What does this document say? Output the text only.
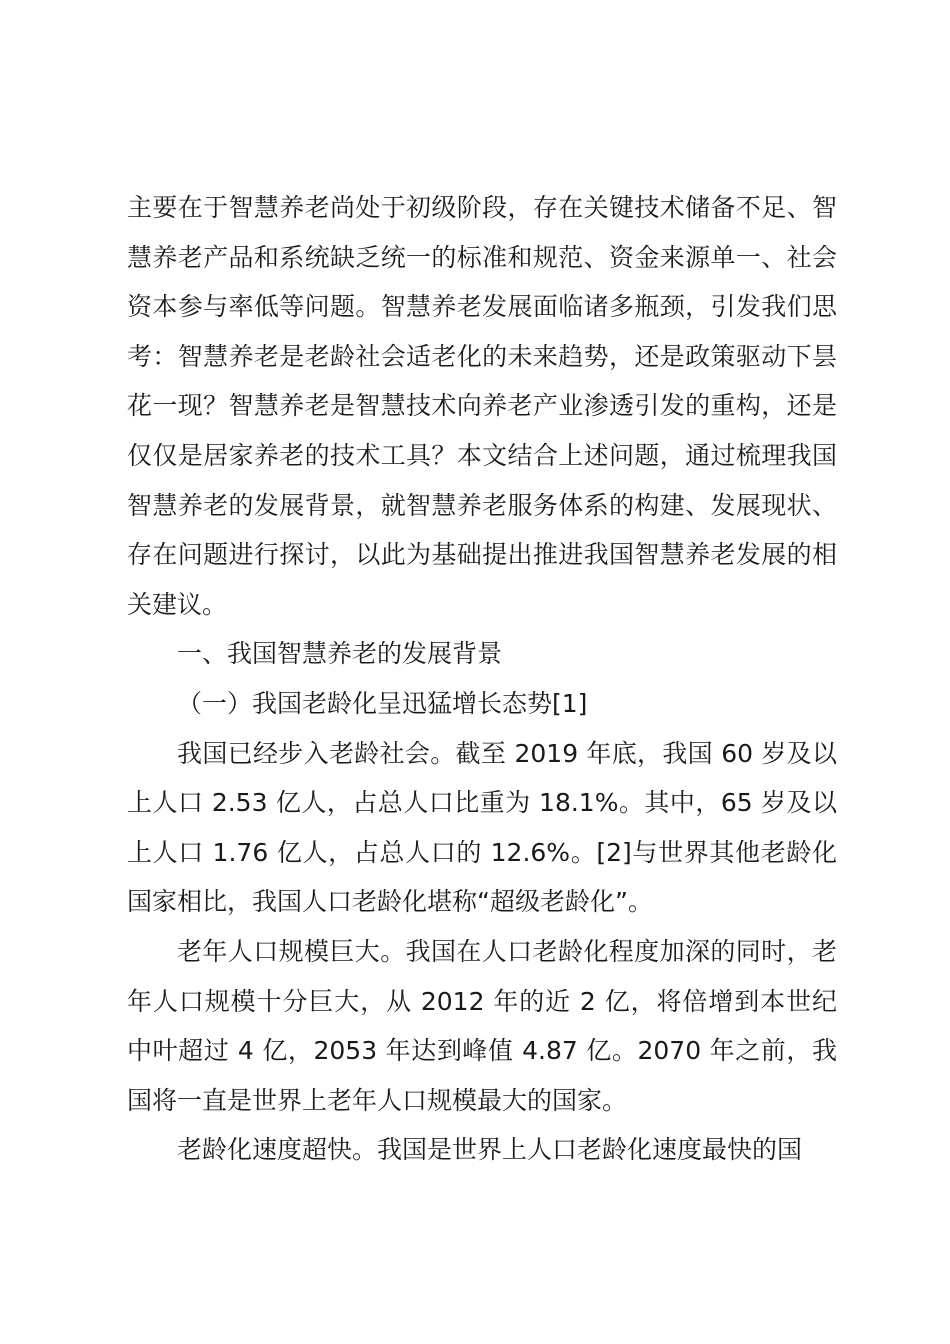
主要在于智慧养老尚处于初级阶段，存在关键技术储备不足、智慧养老产品和系统缺乏统一的标准和规范、资金来源单一、社会资本参与率低等问题。智慧养老发展面临诸多瓶颈，引发我们思考：智慧养老是老龄社会适老化的未来趋势，还是政策驱动下昙花一现？智慧养老是智慧技术向养老产业渗透引发的重构，还是仅仅是居家养老的技术工具？本文结合上述问题，通过梳理我国智慧养老的发展背景，就智慧养老服务体系的构建、发展现状、存在问题进行探讨，以此为基础提出推进我国智慧养老发展的相关建议。

一、我国智慧养老的发展背景

（一）我国老龄化呈迅猛增长态势[1]

我国已经步入老龄社会。截至 2019 年底，我国 60 岁及以上人口 2.53 亿人，占总人口比重为 18.1%。其中，65 岁及以上人口 1.76 亿人，占总人口的 12.6%。[2]与世界其他老龄化国家相比，我国人口老龄化堪称“超级老龄化”。

老年人口规模巨大。我国在人口老龄化程度加深的同时，老年人口规模十分巨大，从 2012 年的近 2 亿，将倍增到本世纪中叶超过 4 亿，2053 年达到峰值 4.87 亿。2070 年之前，我国将一直是世界上老年人口规模最大的国家。

老龄化速度超快。我国是世界上人口老龄化速度最快的国
